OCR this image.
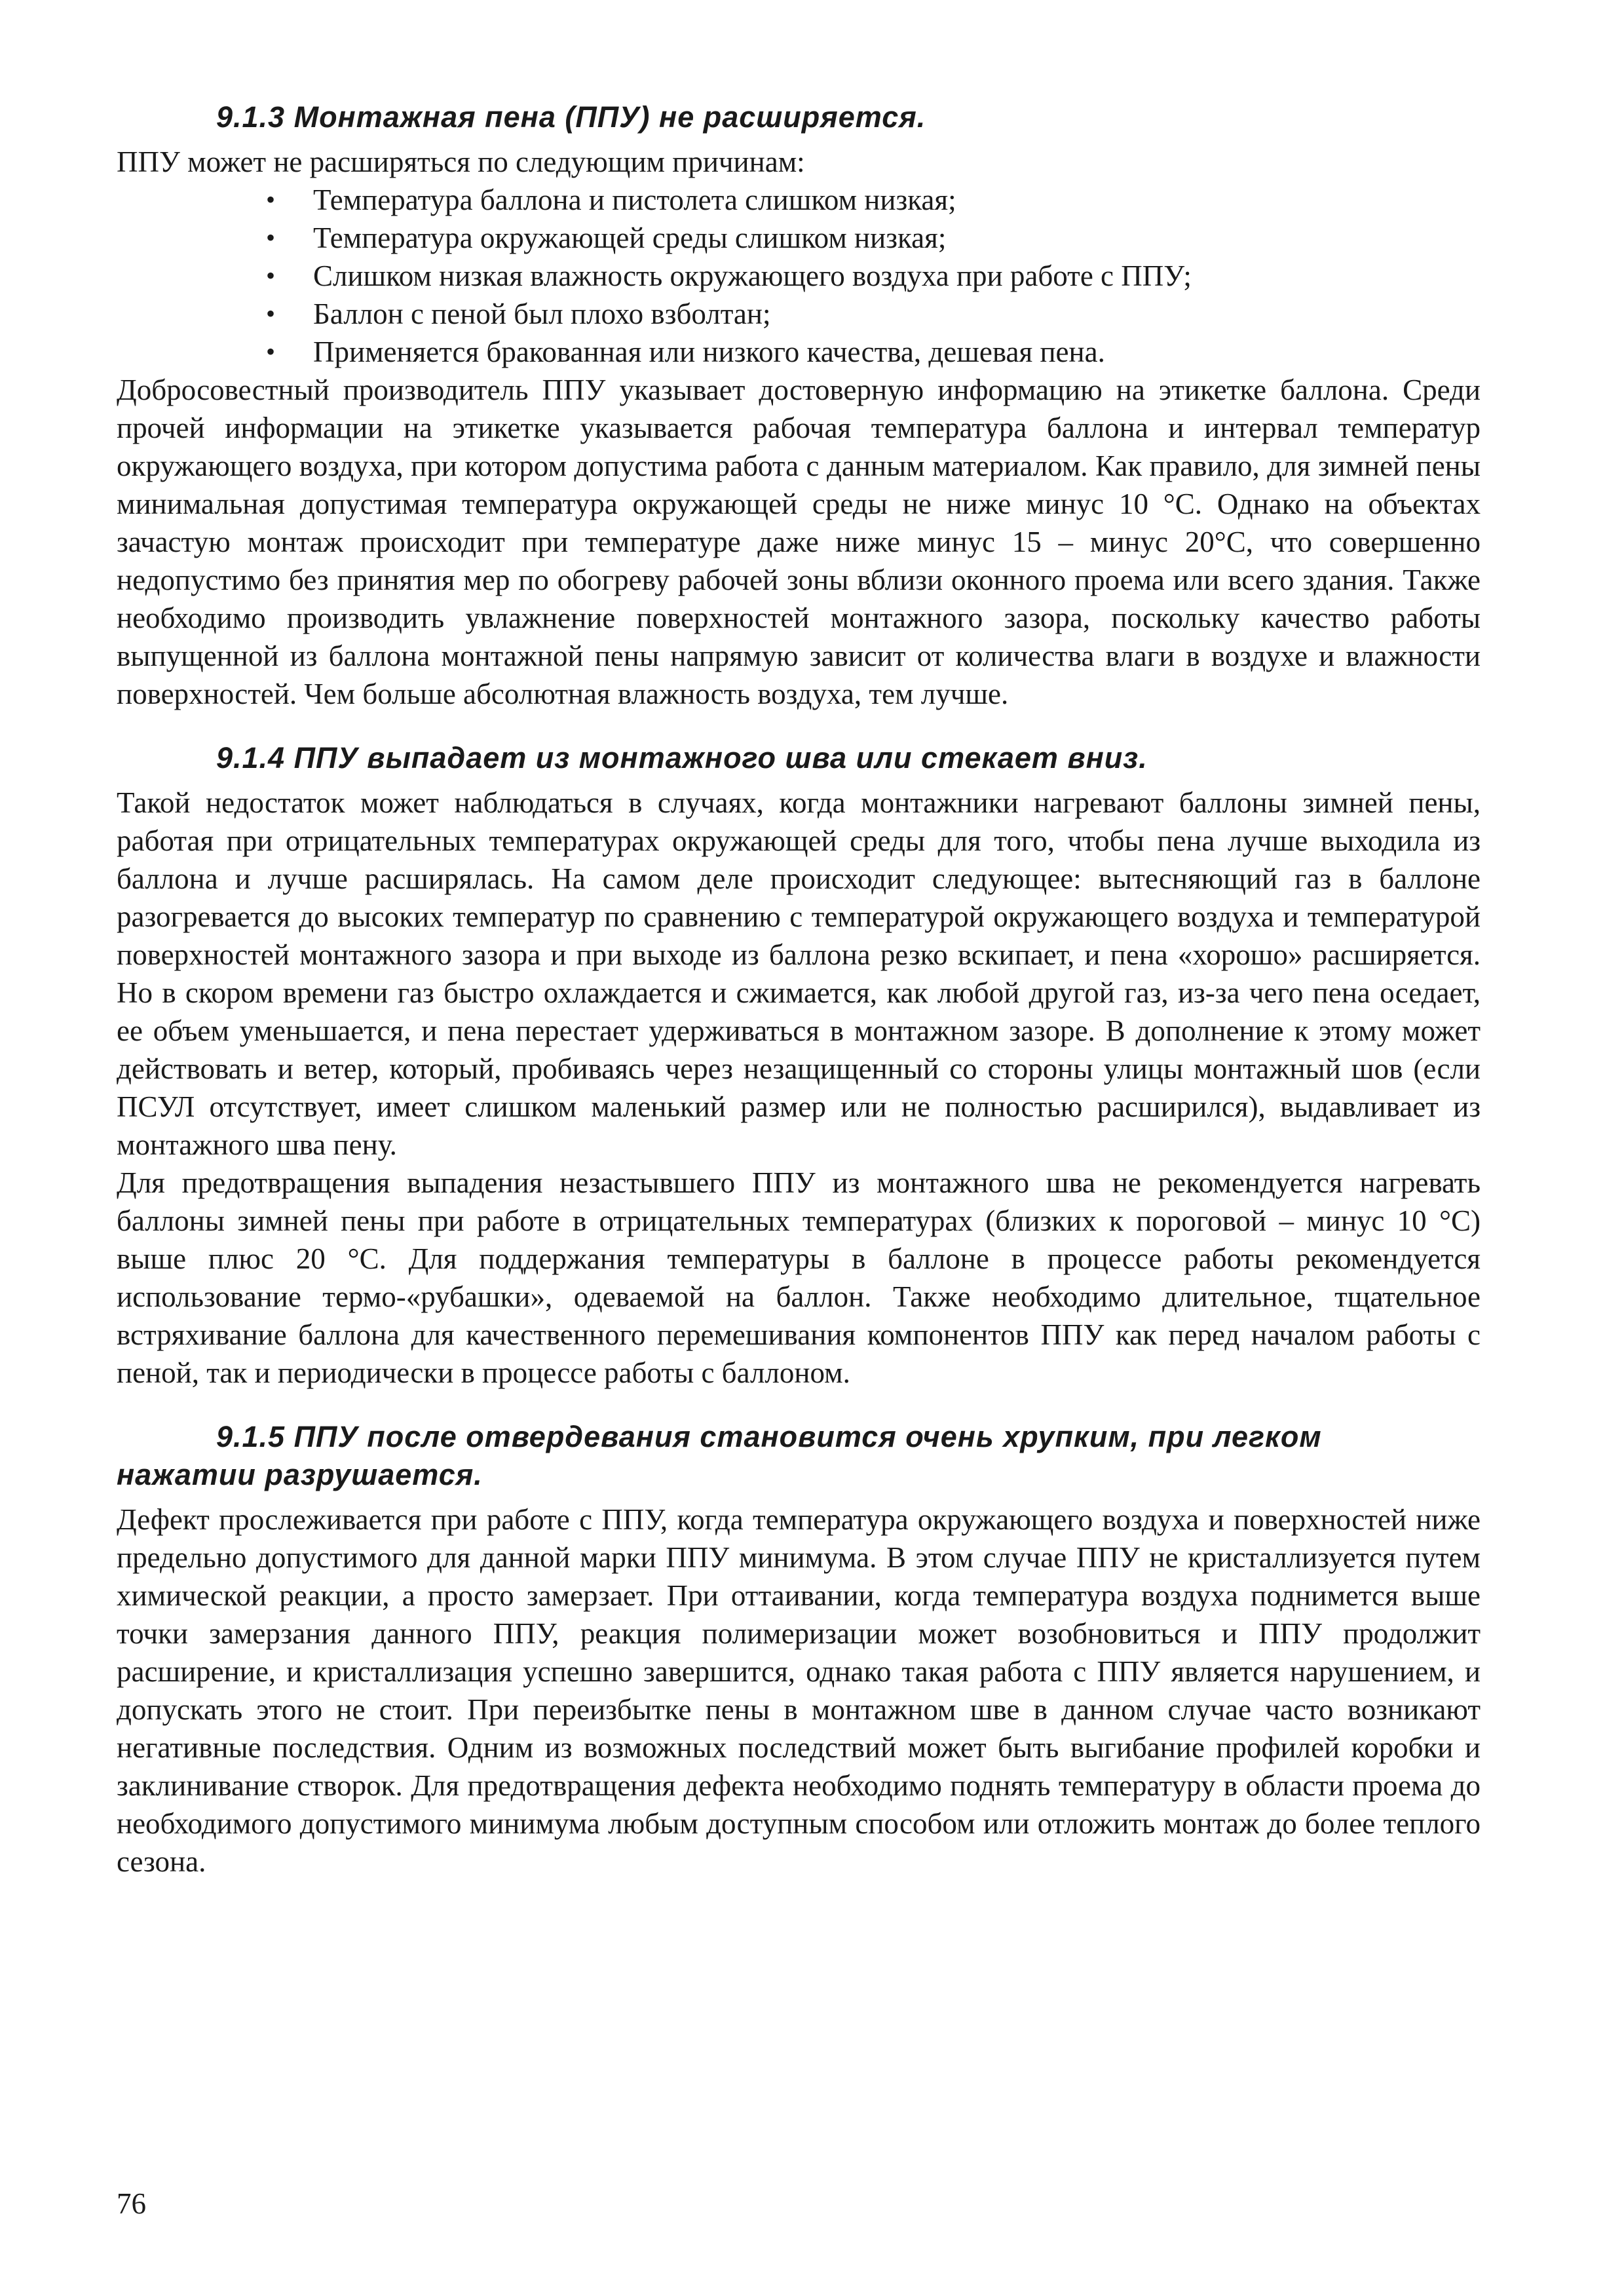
9.1.3 Монтажная пена (ППУ) не расширяется.

ППУ может не расширяться по следующим причинам:

• Температура баллона и пистолета слишком низкая;
• Температура окружающей среды слишком низкая;
• Слишком низкая влажность окружающего воздуха при работе с ППУ;
• Баллон с пеной был плохо взболтан;
• Применяется бракованная или низкого качества, дешевая пена.

Добросовестный производитель ППУ указывает достоверную информацию на этикетке баллона. Среди прочей информации на этикетке указывается рабочая температура баллона и интервал температур окружающего воздуха, при котором допустима работа с данным материалом. Как правило, для зимней пены минимальная допустимая температура окружающей среды не ниже минус 10 °С. Однако на объектах зачастую монтаж происходит при температуре даже ниже минус 15 – минус 20°С, что совершенно недопустимо без принятия мер по обогреву рабочей зоны вблизи оконного проема или всего здания. Также необходимо производить увлажнение поверхностей монтажного зазора, поскольку качество работы выпущенной из баллона монтажной пены напрямую зависит от количества влаги в воздухе и влажности поверхностей. Чем больше абсолютная влажность воздуха, тем лучше.

9.1.4 ППУ выпадает из монтажного шва или стекает вниз.

Такой недостаток может наблюдаться в случаях, когда монтажники нагревают баллоны зимней пены, работая при отрицательных температурах окружающей среды для того, чтобы пена лучше выходила из баллона и лучше расширялась. На самом деле происходит следующее: вытесняющий газ в баллоне разогревается до высоких температур по сравнению с температурой окружающего воздуха и температурой поверхностей монтажного зазора и при выходе из баллона резко вскипает, и пена «хорошо» расширяется. Но в скором времени газ быстро охлаждается и сжимается, как любой другой газ, из-за чего пена оседает, ее объем уменьшается, и пена перестает удерживаться в монтажном зазоре. В дополнение к этому может действовать и ветер, который, пробиваясь через незащищенный со стороны улицы монтажный шов (если ПСУЛ отсутствует, имеет слишком маленький размер или не полностью расширился), выдавливает из монтажного шва пену.

Для предотвращения выпадения незастывшего ППУ из монтажного шва не рекомендуется нагревать баллоны зимней пены при работе в отрицательных температурах (близких к пороговой – минус 10 °С) выше плюс 20 °С. Для поддержания температуры в баллоне в процессе работы рекомендуется использование термо-«рубашки», одеваемой на баллон. Также необходимо длительное, тщательное встряхивание баллона для качественного перемешивания компонентов ППУ как перед началом работы с пеной, так и периодически в процессе работы с баллоном.

9.1.5 ППУ после отвердевания становится очень хрупким, при легком
нажатии разрушается.

Дефект прослеживается при работе с ППУ, когда температура окружающего воздуха и поверхностей ниже предельно допустимого для данной марки ППУ минимума. В этом случае ППУ не кристаллизуется путем химической реакции, а просто замерзает. При оттаивании, когда температура воздуха поднимется выше точки замерзания данного ППУ, реакция полимеризации может возобновиться и ППУ продолжит расширение, и кристаллизация успешно завершится, однако такая работа с ППУ является нарушением, и допускать этого не стоит. При переизбытке пены в монтажном шве в данном случае часто возникают негативные последствия. Одним из возможных последствий может быть выгибание профилей коробки и заклинивание створок. Для предотвращения дефекта необходимо поднять температуру в области проема до необходимого допустимого минимума любым доступным способом или отложить монтаж до более теплого сезона.

76
